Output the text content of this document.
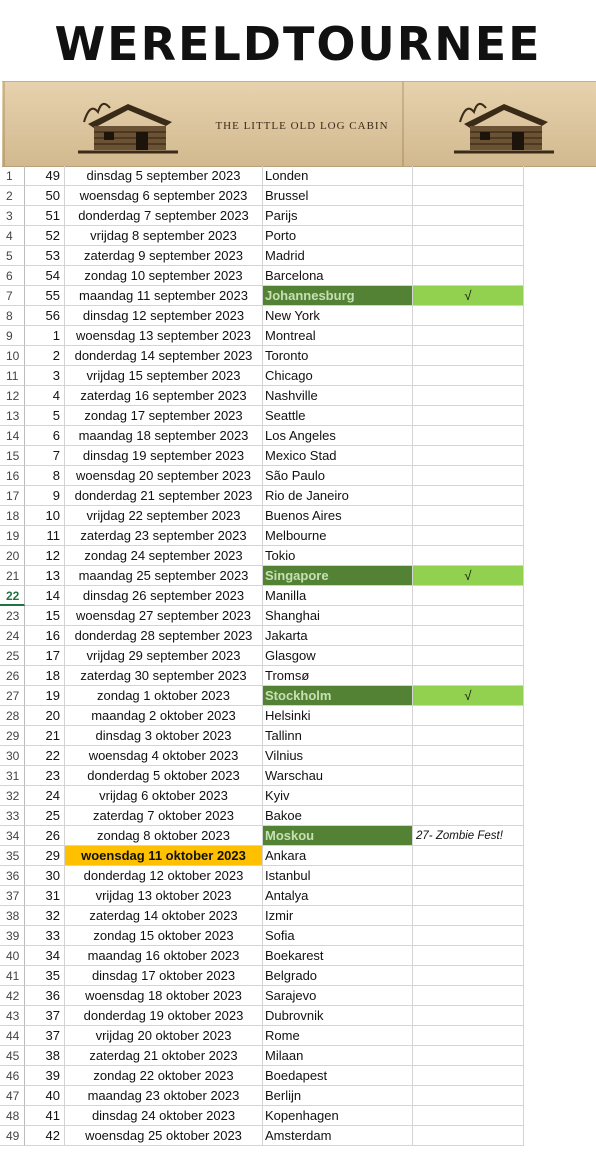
WERELDTOURNEE
THE LITTLE OLD LOG CABIN
1	49	dinsdag 5 september 2023	Londen
2	50	woensdag 6 september 2023	Brussel
3	51	donderdag 7 september 2023	Parijs
4	52	vrijdag 8 september 2023	Porto
5	53	zaterdag 9 september 2023	Madrid
6	54	zondag 10 september 2023	Barcelona
7	55	maandag 11 september 2023	Johannesburg	√
8	56	dinsdag 12 september 2023	New York
9	1	woensdag 13 september 2023	Montreal
10	2	donderdag 14 september 2023 Toronto
11	3	vrijdag 15 september 2023	Chicago
12	4	zaterdag 16 september 2023	Nashville
13	5	zondag 17 september 2023	Seattle
14	6	maandag 18 september 2023	Los Angeles
15	7	dinsdag 19 september 2023	Mexico Stad
16	8	woensdag 20 september 2023	São Paulo
17	9	donderdag 21 september 2023 Rio de Janeiro
18	10	vrijdag 22 september 2023	Buenos Aires
19	11	zaterdag 23 september 2023	Melbourne
20	12	zondag 24 september 2023	Tokio
21	13	maandag 25 september 2023	Singapore	√
22	14	dinsdag 26 september 2023	Manilla
23	15	woensdag 27 september 2023	Shanghai
24	16	donderdag 28 september 2023 Jakarta
25	17	vrijdag 29 september 2023	Glasgow
26	18	zaterdag 30 september 2023	Tromsø
27	19	zondag 1 oktober 2023	Stockholm	√
28	20	maandag 2 oktober 2023	Helsinki
29	21	dinsdag 3 oktober 2023	Tallinn
30	22	woensdag 4 oktober 2023	Vilnius
31	23	donderdag 5 oktober 2023	Warschau
32	24	vrijdag 6 oktober 2023	Kyiv
33	25	zaterdag 7 oktober 2023	Bakoe
34	26	zondag 8 oktober 2023	Moskou	27- Zombie Fest!
35	29	woensdag 11 oktober 2023	Ankara
36	30	donderdag 12 oktober 2023	Istanbul
37	31	vrijdag 13 oktober 2023	Antalya
38	32	zaterdag 14 oktober 2023	Izmir
39	33	zondag 15 oktober 2023	Sofia
40	34	maandag 16 oktober 2023	Boekarest
41	35	dinsdag 17 oktober 2023	Belgrado
42	36	woensdag 18 oktober 2023	Sarajevo
43	37	donderdag 19 oktober 2023	Dubrovnik
44	37	vrijdag 20 oktober 2023	Rome
45	38	zaterdag 21 oktober 2023	Milaan
46	39	zondag 22 oktober 2023	Boedapest
47	40	maandag 23 oktober 2023	Berlijn
48	41	dinsdag 24 oktober 2023	Kopenhagen
49	42	woensdag 25 oktober 2023	Amsterdam
